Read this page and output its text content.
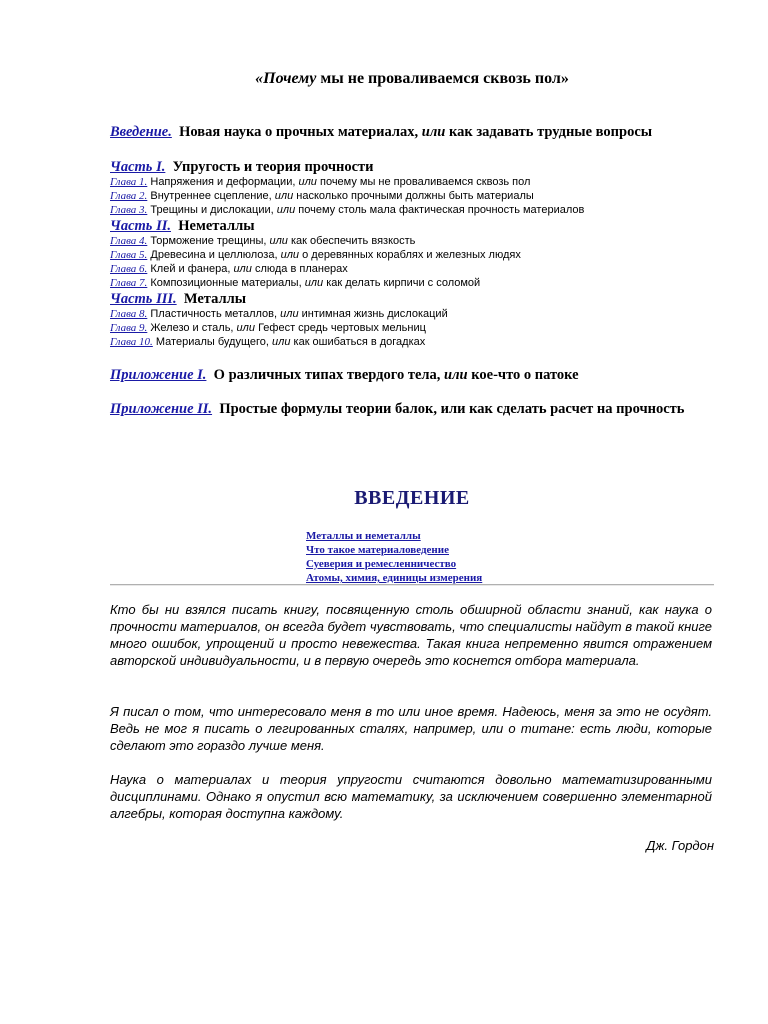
«Почему мы не проваливаемся сквозь пол»
Введение. Новая наука о прочных материалах, или как задавать трудные вопросы
Часть I. Упругость и теория прочности
Глава 1. Напряжения и деформации, или почему мы не проваливаемся сквозь пол
Глава 2. Внутреннее сцепление, или насколько прочными должны быть материалы
Глава 3. Трещины и дислокации, или почему столь мала фактическая прочность материалов
Часть II. Неметаллы
Глава 4. Торможение трещины, или как обеспечить вязкость
Глава 5. Древесина и целлюлоза, или о деревянных кораблях и железных людях
Глава 6. Клей и фанера, или слюда в планерах
Глава 7. Композиционные материалы, или как делать кирпичи с соломой
Часть III. Металлы
Глава 8. Пластичность металлов, или интимная жизнь дислокаций
Глава 9. Железо и сталь, или Гефест средь чертовых мельниц
Глава 10. Материалы будущего, или как ошибаться в догадках
Приложение I. О различных типах твердого тела, или кое-что о патоке
Приложение II. Простые формулы теории балок, или как сделать расчет на прочность
ВВЕДЕНИЕ
Металлы и неметаллы
Что такое материаловедение
Суеверия и ремесленничество
Атомы, химия, единицы измерения
Кто бы ни взялся писать книгу, посвященную столь обширной области знаний, как наука о прочности материалов, он всегда будет чувствовать, что специалисты найдут в такой книге много ошибок, упрощений и просто невежества. Такая книга непременно явится отражением авторской индивидуальности, и в первую очередь это коснется отбора материала.
Я писал о том, что интересовало меня в то или иное время. Надеюсь, меня за это не осудят. Ведь не мог я писать о легированных сталях, например, или о титане: есть люди, которые сделают это гораздо лучше меня.
Наука о материалах и теория упругости считаются довольно математизированными дисциплинами. Однако я опустил всю математику, за исключением совершенно элементарной алгебры, которая доступна каждому.
Дж. Гордон
